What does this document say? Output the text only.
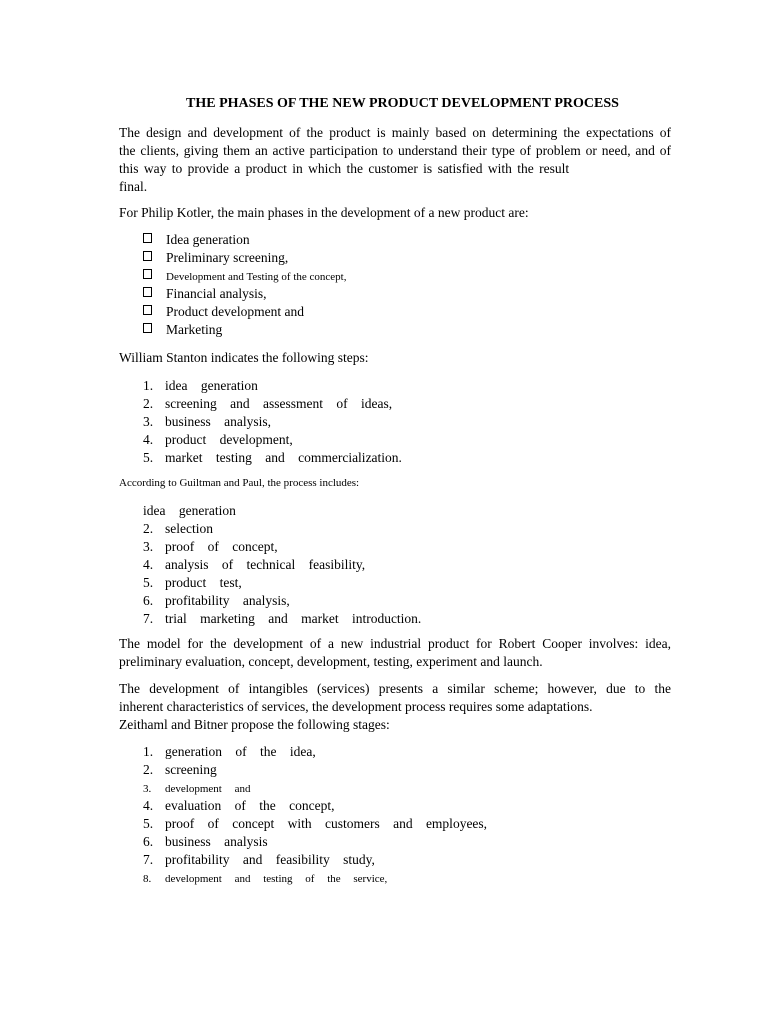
THE PHASES OF THE NEW PRODUCT DEVELOPMENT PROCESS
The design and development of the product is mainly based on determining the expectations of
the clients, giving them an active participation to understand their type of problem or need, and of
this way to provide a product in which the customer is satisfied with the result
final.
For Philip Kotler, the main phases in the development of a new product are:
Idea generation
Preliminary screening,
Development and Testing of the concept,
Financial analysis,
Product development and
Marketing
William Stanton indicates the following steps:
1. idea generation
2. screening and assessment of ideas,
3. business analysis,
4. product development,
5. market testing and commercialization.
According to Guiltman and Paul, the process includes:
idea generation
2. selection
3. proof of concept,
4. analysis of technical feasibility,
5. product test,
6. profitability analysis,
7. trial marketing and market introduction.
The model for the development of a new industrial product for Robert Cooper involves: idea,
preliminary evaluation, concept, development, testing, experiment and launch.
The development of intangibles (services) presents a similar scheme; however, due to the
inherent characteristics of services, the development process requires some adaptations.
Zeithaml and Bitner propose the following stages:
1. generation of the idea,
2. screening
3. development and
4. evaluation of the concept,
5. proof of concept with customers and employees,
6. business analysis
7. profitability and feasibility study,
8. development and testing of the service,
